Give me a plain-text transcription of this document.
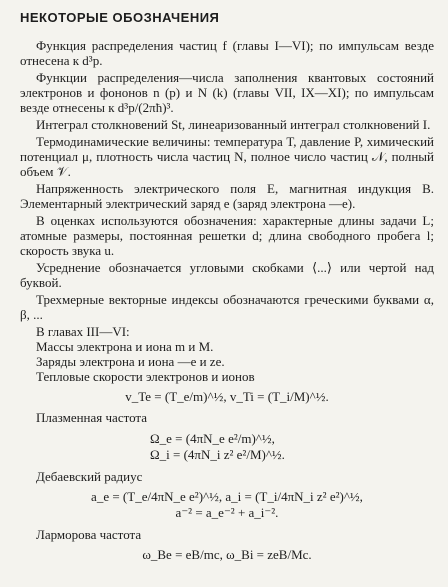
НЕКОТОРЫЕ ОБОЗНАЧЕНИЯ
Функция распределения частиц f (главы I—VI); по импульсам везде отнесена к d³p.
Функции распределения—числа заполнения квантовых состояний электронов и фононов n (p) и N (k) (главы VII, IX—XI); по импульсам везде отнесены к d³p/(2πħ)³.
Интеграл столкновений St, линеаризованный интеграл столкновений I.
Термодинамические величины: температура T, давление P, химический потенциал μ, плотность числа частиц N, полное число частиц 𝒩, полный объем 𝒱.
Напряженность электрического поля E, магнитная индукция B. Элементарный электрический заряд e (заряд электрона —e).
В оценках используются обозначения: характерные длины задачи L; атомные размеры, постоянная решетки d; длина свободного пробега l; скорость звука u.
Усреднение обозначается угловыми скобками ⟨...⟩ или чертой над буквой.
Трехмерные векторные индексы обозначаются греческими буквами α, β, ...
В главах III—VI:
Массы электрона и иона m и M.
Заряды электрона и иона —e и ze.
Тепловые скорости электронов и ионов
v_Te = (T_e/m)^½, v_Ti = (T_i/M)^½.
Плазменная частота
Ω_e = (4πN_e e²/m)^½,
Ω_i = (4πN_i z² e²/M)^½.
Дебаевский радиус
a_e = (T_e/4πN_e e²)^½, a_i = (T_i/4πN_i z² e²)^½,
a⁻² = a_e⁻² + a_i⁻².
Ларморова частота
ω_Be = eB/mc, ω_Bi = zeB/Mc.
